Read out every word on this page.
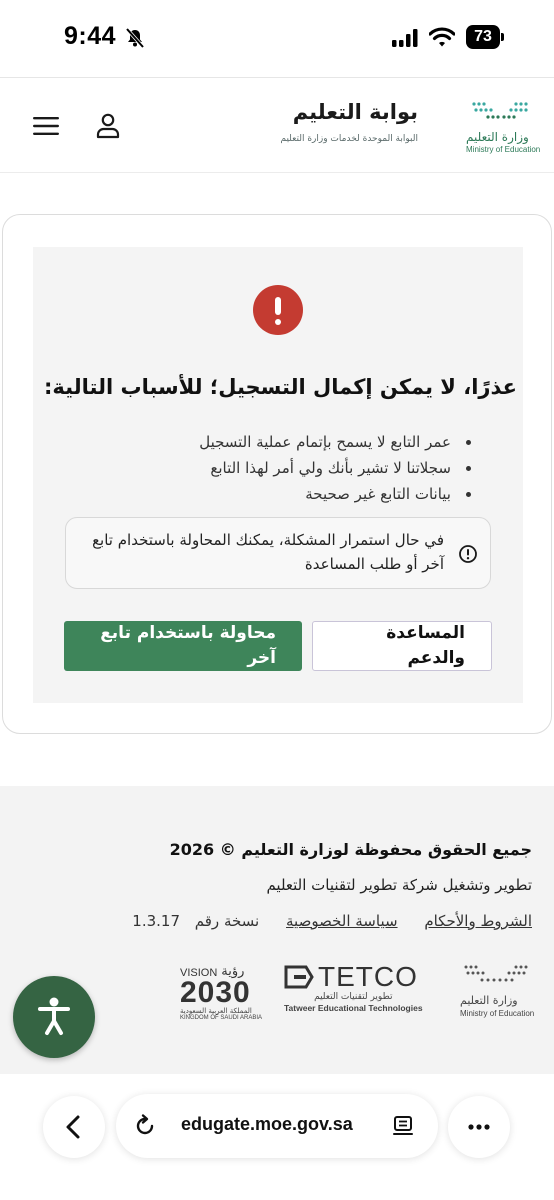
9:44	73
بوابة التعليم
البوابة الموحدة لخدمات وزارة التعليم	وزارة التعليم
Ministry of Education
عذرًا، لا يمكن إكمال التسجيل؛ للأسباب التالية:
عمر التابع لا يسمح بإتمام عملية التسجيل
سجلاتنا لا تشير بأنك ولي أمر لهذا التابع
بيانات التابع غير صحيحة

في حال استمرار المشكلة، يمكنك المحاولة باستخدام تابع آخر أو طلب المساعدة

محاولة باستخدام تابع آخر
المساعدة والدعم

جميع الحقوق محفوظة لوزارة التعليم © 2026

تطوير وتشغيل شركة تطوير لتقنيات التعليم

الشروط والأحكام سياسة الخصوصية نسخة رقم 1.3.17

وزارة التعليم
Ministry of Education
TETCO
تطوير لتقنيات التعليم
Tatweer Educational Technologies
VISION رؤية
2030
المملكة العربية السعودية
KINGDOM OF SAUDI ARABIA
edugate.moe.gov.sa
